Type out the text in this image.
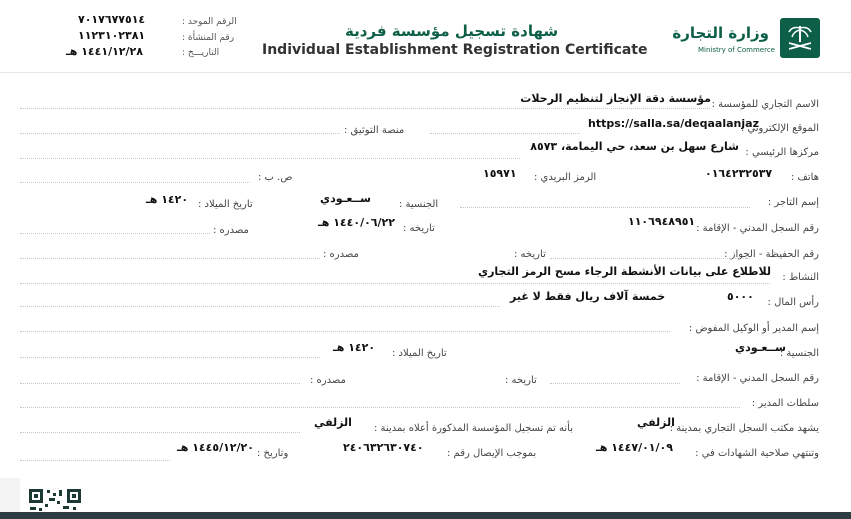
وزارة التجارة
Ministry of Commerce
شهادة تسجيل مؤسسة فردية
Individual Establishment Registration Certificate
الرقم الموحد :
٧٠١٧٦٧٧٥١٤
رقم المنشأة :
١١٢٣١٠٢٣٨١
التاريـــخ :
١٤٤١/١٢/٢٨ هـ
الاسم التجاري للمؤسسة :
مؤسسة دقة الإنجاز لتنظيم الرحلات
الموقع الإلكتروني :
https://salla.sa/deqaalanjaz
منصة التوثيق :
مركزها الرئيسي :
شارع سهل بن سعد، حي اليمامة، ٨٥٧٣
هاتف :
٠١٦٤٢٣٢٥٣٧
الرمز البريدي :
١٥٩٧١
ص. ب :
إسم التاجر :
الجنسية :
ســعـودي
تاريخ الميلاد :
١٤٢٠ هـ
رقم السجل المدني - الإقامة :
١١٠٦٩٤٨٩٥١
تاريخه :
١٤٤٠/٠٦/٢٢ هـ
مصدره :
رقم الحفيظة - الجواز :
تاريخه :
مصدره :
النشاط :
للاطلاع على بيانات الأنشطة الرجاء مسح الرمز التجاري
رأس المال :
٥٠٠٠
خمسة آلاف ريال فقط لا غير
إسم المدير أو الوكيل المفوض :
الجنسية :
ســعـودي
تاريخ الميلاد :
١٤٢٠ هـ
رقم السجل المدني - الإقامة :
تاريخه :
مصدره :
سلطات المدير :
يشهد مكتب السجل التجاري بمدينة :
الزلفي
بأنه تم تسجيل المؤسسة المذكورة أعلاه بمدينة :
الزلفي
وتنتهي صلاحية الشهادات في :
١٤٤٧/٠١/٠٩ هـ
بموجب الإيصال رقم :
٢٤٠٦٣٢٦٣٠٧٤٠
وتاريخ :
١٤٤٥/١٢/٢٠ هـ
